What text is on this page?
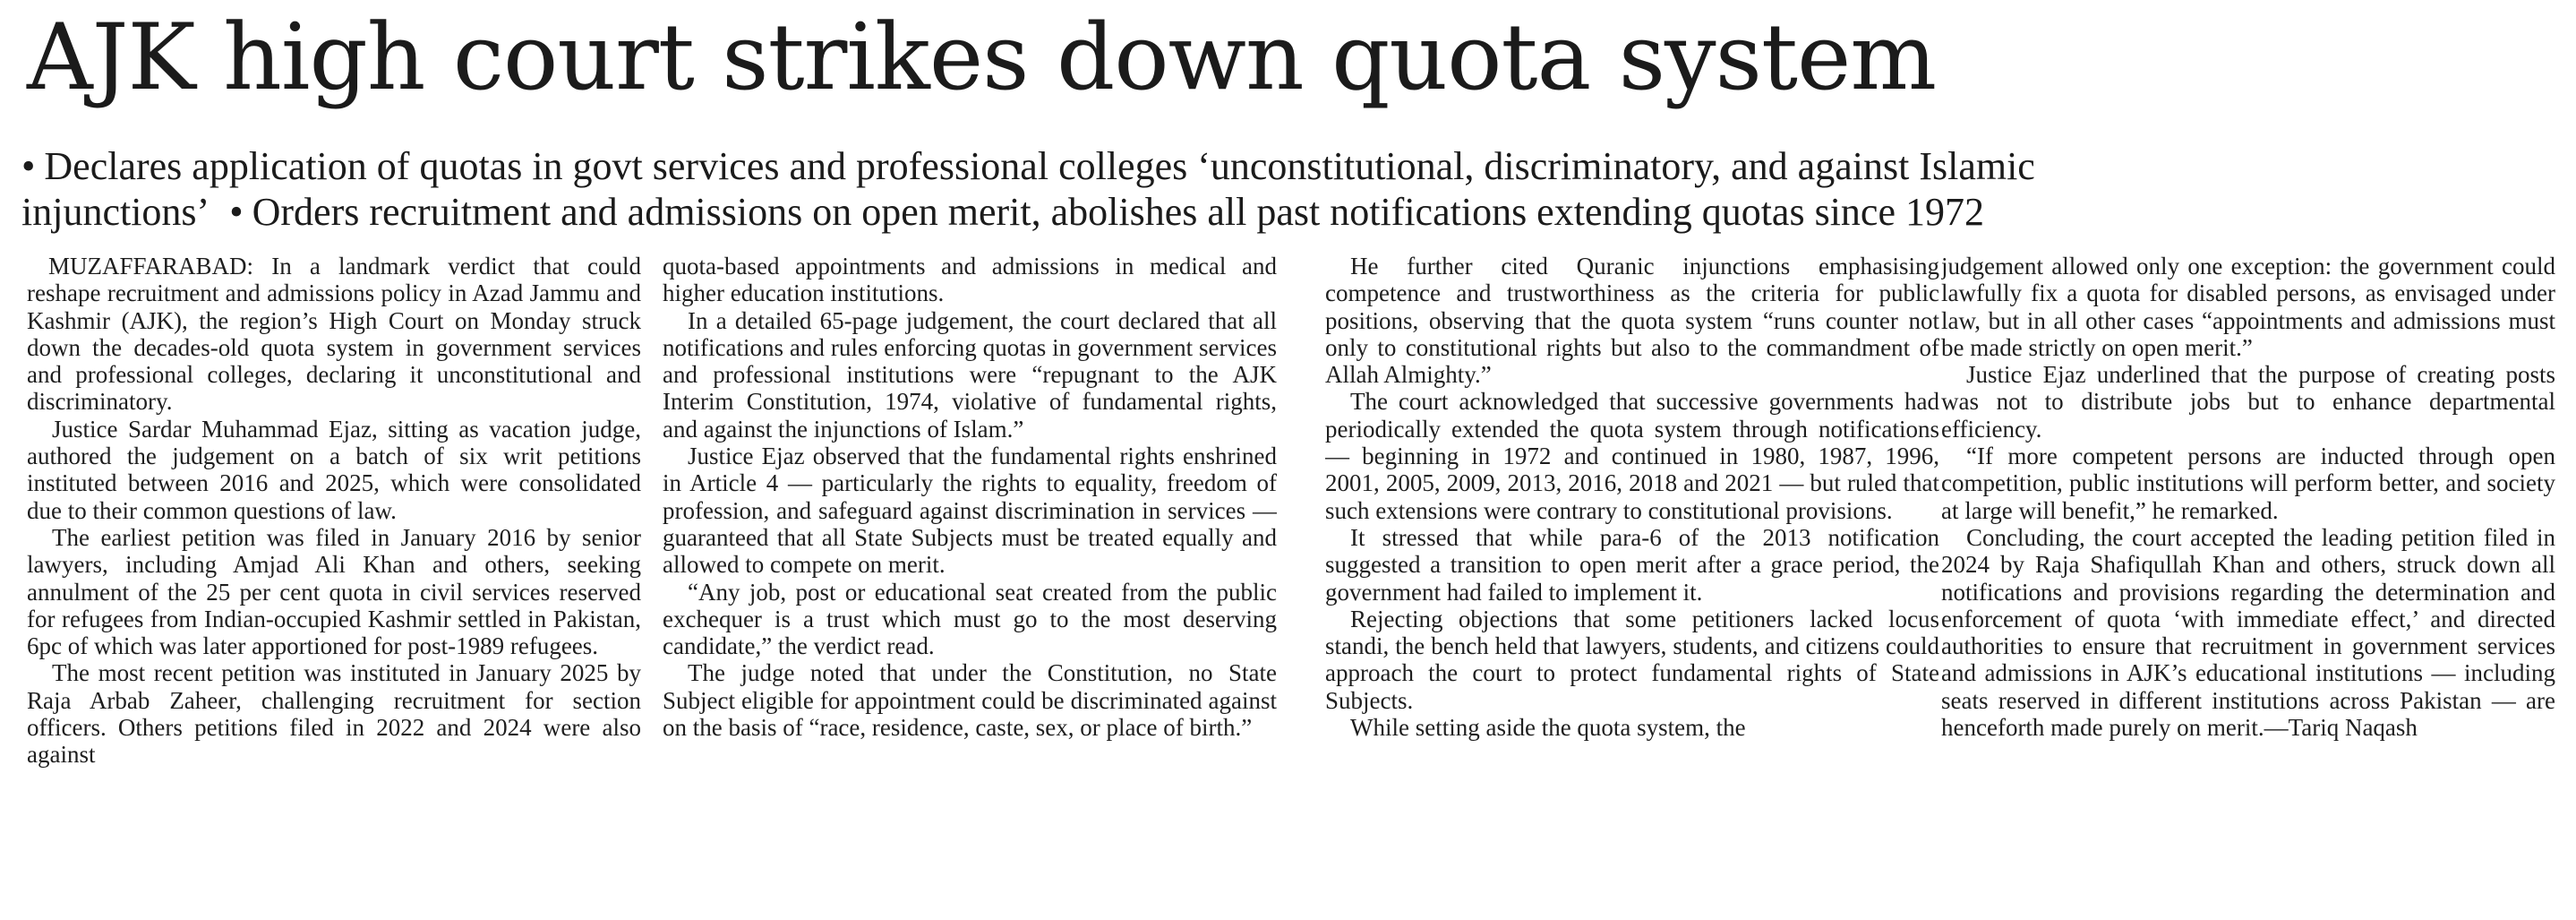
AJK high court strikes down quota system
• Declares application of quotas in govt services and professional colleges ‘unconstitutional, discriminatory, and against Islamic
injunctions’ • Orders recruitment and admissions on open merit, abolishes all past notifications extending quotas since 1972

MUZAFFARABAD: In a landmark verdict that could reshape recruitment and admissions policy in Azad Jammu and Kashmir (AJK), the region’s High Court on Monday struck down the decades-old quota system in government services and professional colleges, declaring it unconstitutional and discriminatory.

Justice Sardar Muhammad Ejaz, sitting as vacation judge, authored the judgement on a batch of six writ petitions instituted between 2016 and 2025, which were consolidated due to their common questions of law.

The earliest petition was filed in January 2016 by senior lawyers, including Amjad Ali Khan and others, seeking annulment of the 25 per cent quota in civil services reserved for refugees from Indian-occupied Kashmir settled in Pakistan, 6pc of which was later apportioned for post-1989 refugees.

The most recent petition was instituted in January 2025 by Raja Arbab Zaheer, challenging recruitment for section officers. Others petitions filed in 2022 and 2024 were also against

quota-based appointments and admissions in medical and higher education institutions.

In a detailed 65-page judgement, the court declared that all notifications and rules enforcing quotas in government services and professional institutions were “repugnant to the AJK Interim Constitution, 1974, violative of fundamental rights, and against the injunctions of Islam.”

Justice Ejaz observed that the fundamental rights enshrined in Article 4 — particularly the rights to equality, freedom of profession, and safeguard against discrimination in services — guaranteed that all State Subjects must be treated equally and allowed to compete on merit.

“Any job, post or educational seat created from the public exchequer is a trust which must go to the most deserving candidate,” the verdict read.

The judge noted that under the Constitution, no State Subject eligible for appointment could be discriminated against on the basis of “race, residence, caste, sex, or place of birth.”

He further cited Quranic injunctions emphasising competence and trustworthiness as the criteria for public positions, observing that the quota system “runs counter not only to constitutional rights but also to the commandment of Allah Almighty.”

The court acknowledged that successive governments had periodically extended the quota system through notifications — beginning in 1972 and continued in 1980, 1987, 1996, 2001, 2005, 2009, 2013, 2016, 2018 and 2021 — but ruled that such extensions were contrary to constitutional provisions.

It stressed that while para-6 of the 2013 notification suggested a transition to open merit after a grace period, the government had failed to implement it.

Rejecting objections that some petitioners lacked locus standi, the bench held that lawyers, students, and citizens could approach the court to protect fundamental rights of State Subjects.

While setting aside the quota system, the

judgement allowed only one exception: the government could lawfully fix a quota for disabled persons, as envisaged under law, but in all other cases “appointments and admissions must be made strictly on open merit.”

Justice Ejaz underlined that the purpose of creating posts was not to distribute jobs but to enhance departmental efficiency.

“If more competent persons are inducted through open competition, public institutions will perform better, and society at large will benefit,” he remarked.

Concluding, the court accepted the leading petition filed in 2024 by Raja Shafiqullah Khan and others, struck down all notifications and provisions regarding the determination and enforcement of quota ‘with immediate effect,’ and directed authorities to ensure that recruitment in government services and admissions in AJK’s educational institutions — including seats reserved in different institutions across Pakistan — are henceforth made purely on merit.—Tariq Naqash
